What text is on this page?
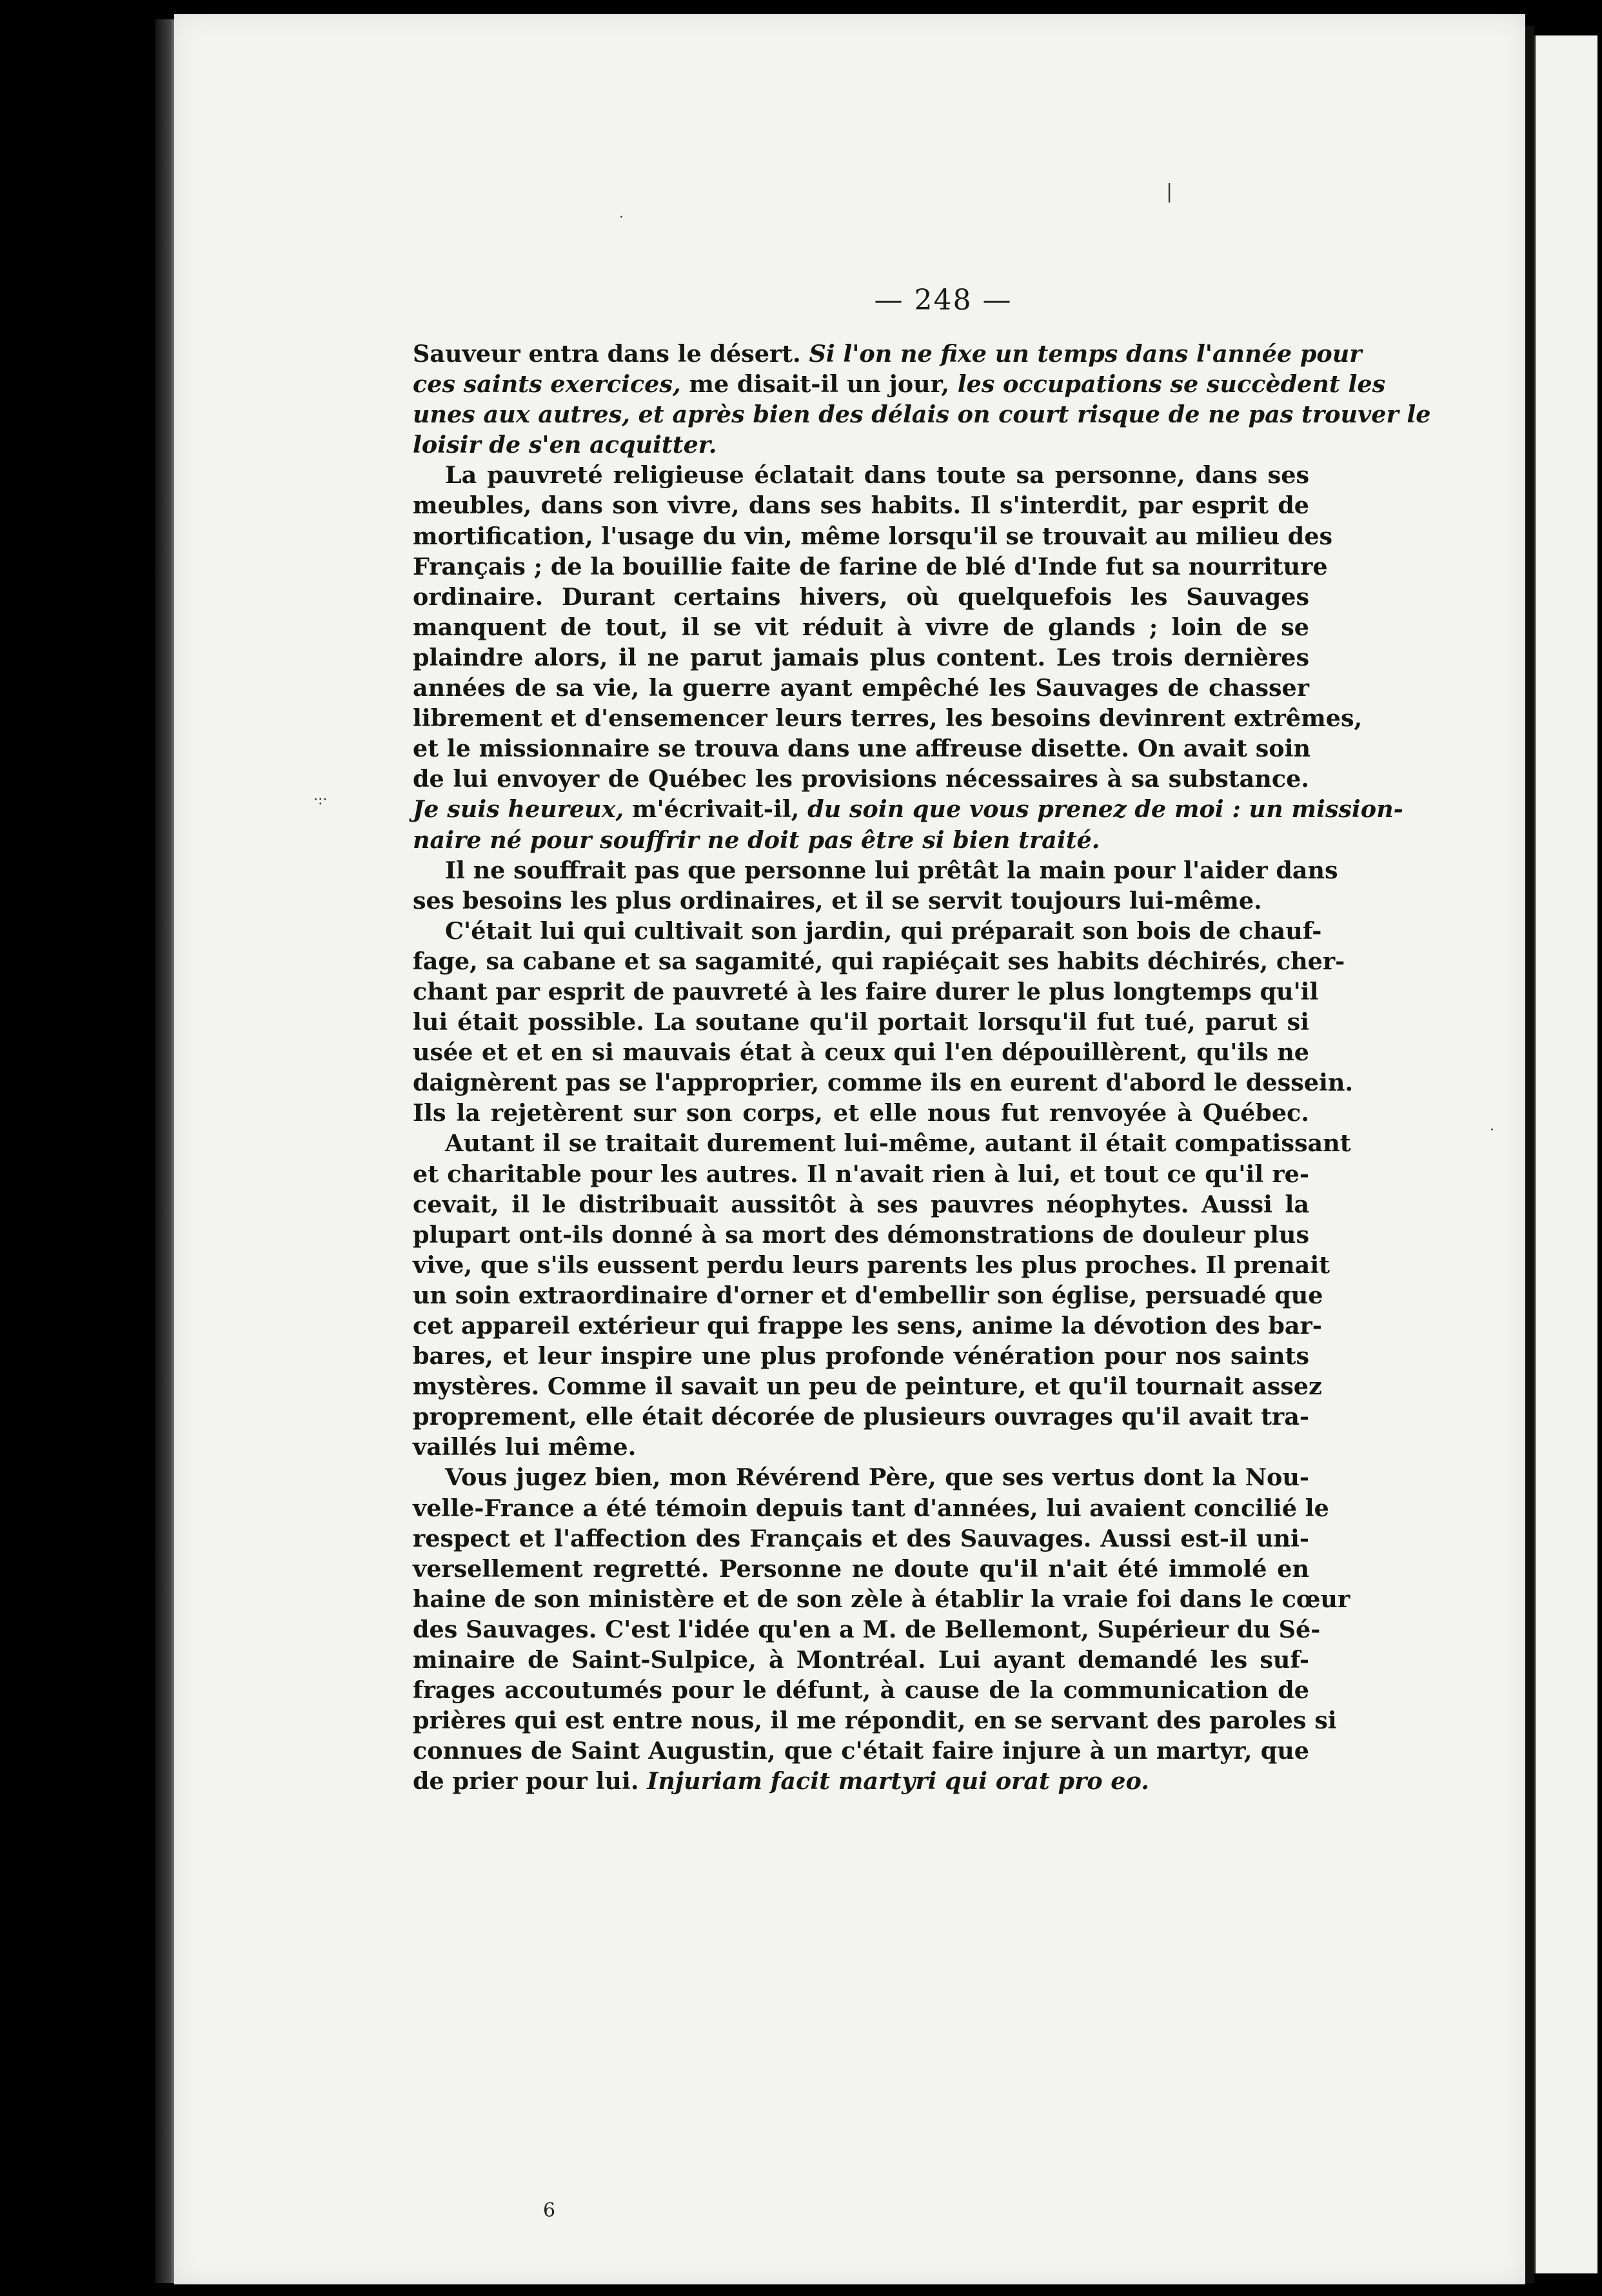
— 248 —
Sauveur entra dans le désert. Si l'on ne fixe un temps dans l'année pour
ces saints exercices, me disait-il un jour, les occupations se succèdent les
unes aux autres, et après bien des délais on court risque de ne pas trouver le
loisir de s'en acquitter.
La pauvreté religieuse éclatait dans toute sa personne, dans ses
meubles, dans son vivre, dans ses habits. Il s'interdit, par esprit de
mortification, l'usage du vin, même lorsqu'il se trouvait au milieu des
Français ; de la bouillie faite de farine de blé d'Inde fut sa nourriture
ordinaire. Durant certains hivers, où quelquefois les Sauvages
manquent de tout, il se vit réduit à vivre de glands ; loin de se
plaindre alors, il ne parut jamais plus content. Les trois dernières
années de sa vie, la guerre ayant empêché les Sauvages de chasser
librement et d'ensemencer leurs terres, les besoins devinrent extrêmes,
et le missionnaire se trouva dans une affreuse disette. On avait soin
de lui envoyer de Québec les provisions nécessaires à sa substance.
Je suis heureux, m'écrivait-il, du soin que vous prenez de moi : un mission-
naire né pour souffrir ne doit pas être si bien traité.
Il ne souffrait pas que personne lui prêtât la main pour l'aider dans
ses besoins les plus ordinaires, et il se servit toujours lui-même.
C'était lui qui cultivait son jardin, qui préparait son bois de chauf-
fage, sa cabane et sa sagamité, qui rapiéçait ses habits déchirés, cher-
chant par esprit de pauvreté à les faire durer le plus longtemps qu'il
lui était possible. La soutane qu'il portait lorsqu'il fut tué, parut si
usée et et en si mauvais état à ceux qui l'en dépouillèrent, qu'ils ne
daignèrent pas se l'approprier, comme ils en eurent d'abord le dessein.
Ils la rejetèrent sur son corps, et elle nous fut renvoyée à Québec.
Autant il se traitait durement lui-même, autant il était compatissant
et charitable pour les autres. Il n'avait rien à lui, et tout ce qu'il re-
cevait, il le distribuait aussitôt à ses pauvres néophytes. Aussi la
plupart ont-ils donné à sa mort des démonstrations de douleur plus
vive, que s'ils eussent perdu leurs parents les plus proches. Il prenait
un soin extraordinaire d'orner et d'embellir son église, persuadé que
cet appareil extérieur qui frappe les sens, anime la dévotion des bar-
bares, et leur inspire une plus profonde vénération pour nos saints
mystères. Comme il savait un peu de peinture, et qu'il tournait assez
proprement, elle était décorée de plusieurs ouvrages qu'il avait tra-
vaillés lui même.
Vous jugez bien, mon Révérend Père, que ses vertus dont la Nou-
velle-France a été témoin depuis tant d'années, lui avaient concilié le
respect et l'affection des Français et des Sauvages. Aussi est-il uni-
versellement regretté. Personne ne doute qu'il n'ait été immolé en
haine de son ministère et de son zèle à établir la vraie foi dans le cœur
des Sauvages. C'est l'idée qu'en a M. de Bellemont, Supérieur du Sé-
minaire de Saint-Sulpice, à Montréal. Lui ayant demandé les suf-
frages accoutumés pour le défunt, à cause de la communication de
prières qui est entre nous, il me répondit, en se servant des paroles si
connues de Saint Augustin, que c'était faire injure à un martyr, que
de prier pour lui. Injuriam facit martyri qui orat pro eo.
·:·
·
|
·
6
